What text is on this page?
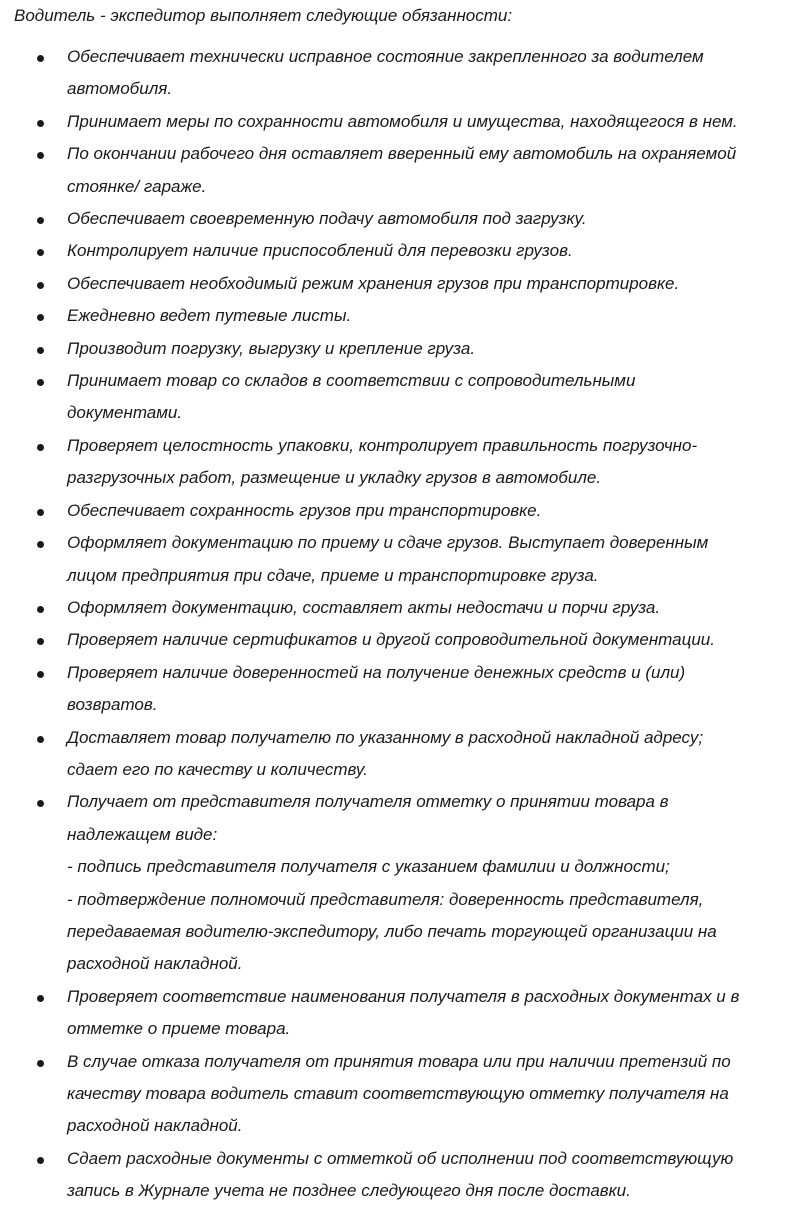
Водитель - экспедитор выполняет следующие обязанности:

Обеспечивает технически исправное состояние закрепленного за водителем
автомобиля.
Принимает меры по сохранности автомобиля и имущества, находящегося в нем.
По окончании рабочего дня оставляет вверенный ему автомобиль на охраняемой
стоянке/ гараже.
Обеспечивает своевременную подачу автомобиля под загрузку.
Контролирует наличие приспособлений для перевозки грузов.
Обеспечивает необходимый режим хранения грузов при транспортировке.
Ежедневно ведет путевые листы.
Производит погрузку, выгрузку и крепление груза.
Принимает товар со складов в соответствии с сопроводительными
документами.
Проверяет целостность упаковки, контролирует правильность погрузочно-
разгрузочных работ, размещение и укладку грузов в автомобиле.
Обеспечивает сохранность грузов при транспортировке.
Оформляет документацию по приему и сдаче грузов. Выступает доверенным
лицом предприятия при сдаче, приеме и транспортировке груза.
Оформляет документацию, составляет акты недостачи и порчи груза.
Проверяет наличие сертификатов и другой сопроводительной документации.
Проверяет наличие доверенностей на получение денежных средств и (или)
возвратов.
Доставляет товар получателю по указанному в расходной накладной адресу;
сдает его по качеству и количеству.
Получает от представителя получателя отметку о принятии товара в
надлежащем виде:
- подпись представителя получателя с указанием фамилии и должности;
- подтверждение полномочий представителя: доверенность представителя,
передаваемая водителю-экспедитору, либо печать торгующей организации на
расходной накладной.
Проверяет соответствие наименования получателя в расходных документах и в
отметке о приеме товара.
В случае отказа получателя от принятия товара или при наличии претензий по
качеству товара водитель ставит соответствующую отметку получателя на
расходной накладной.
Сдает расходные документы с отметкой об исполнении под соответствующую
запись в Журнале учета не позднее следующего дня после доставки.
